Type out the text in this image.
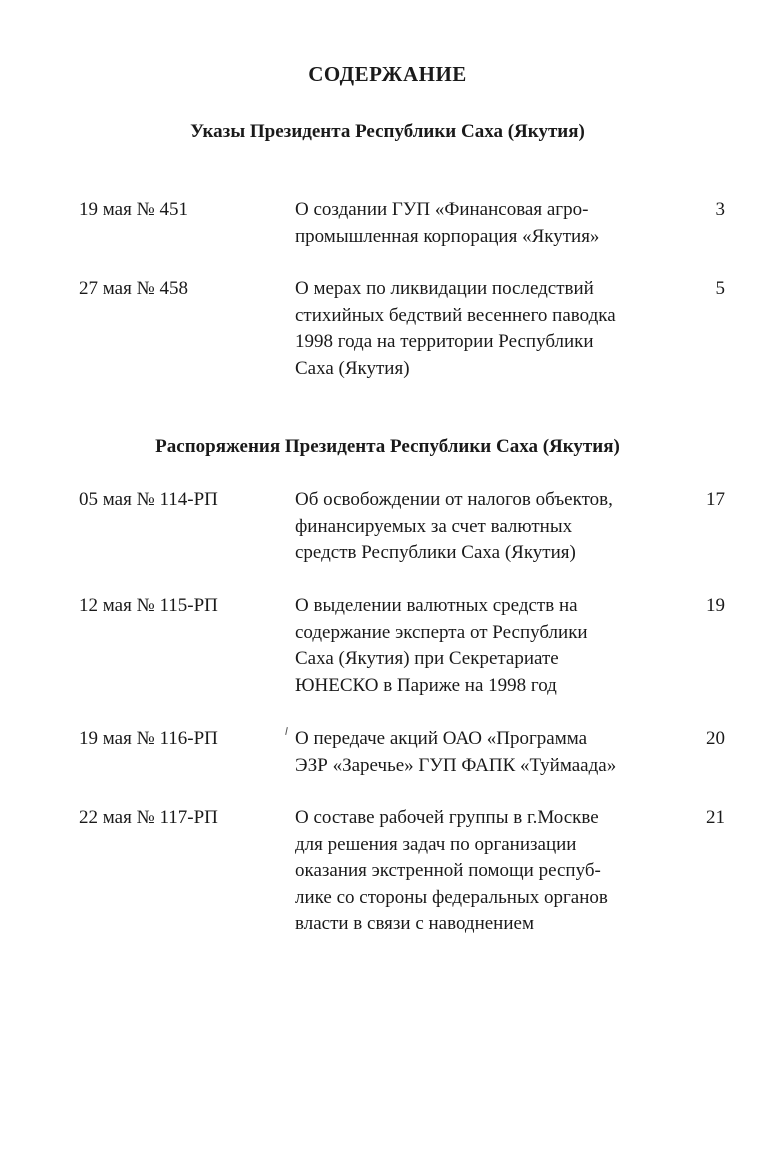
СОДЕРЖАНИЕ
Указы Президента Республики Саха (Якутия)
19 мая № 451	О создании ГУП «Финансовая агро-
промышленная корпорация «Якутия»
3
27 мая № 458	О мерах по ликвидации последствий
стихийных бедствий весеннего паводка
1998 года на территории Республики
Саха (Якутия)
5
Распоряжения Президента Республики Саха (Якутия)
05 мая № 114-РП	Об освобождении от налогов объектов,
финансируемых за счет валютных
средств Республики Саха (Якутия)
17
12 мая № 115-РП	О выделении валютных средств на
содержание эксперта от Республики
Саха (Якутия) при Секретариате
ЮНЕСКО в Париже на 1998 год
19
19 мая № 116-РП	О передаче акций ОАО «Программа
ЭЗР «Заречье» ГУП ФАПК «Туймаада»
20
22 мая № 117-РП	О составе рабочей группы в г.Москве
для решения задач по организации
оказания экстренной помощи респуб-
лике со стороны федеральных органов
власти в связи с наводнением
21
